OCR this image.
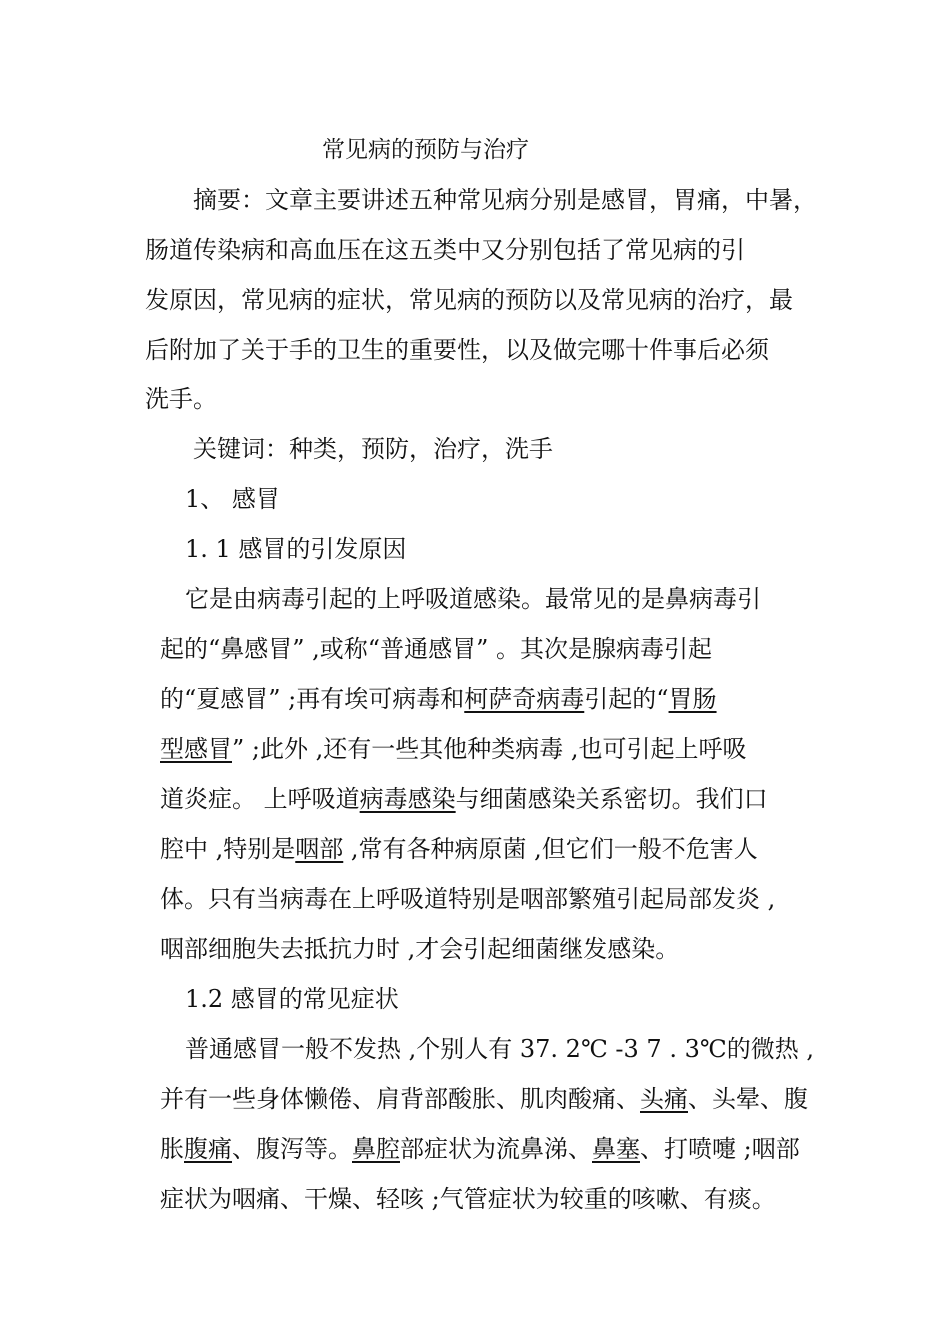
常见病的预防与治疗
摘要：文章主要讲述五种常见病分别是感冒，胃痛，中暑，
肠道传染病和高血压在这五类中又分别包括了常见病的引
发原因，常见病的症状，常见病的预防以及常见病的治疗，最
后附加了关于手的卫生的重要性，以及做完哪十件事后必须
洗手。
关键词：种类，预防，治疗，洗手
1、 感冒
1. 1 感冒的引发原因
它是由病毒引起的上呼吸道感染。最常见的是鼻病毒引
起的“鼻感冒” ,或称“普通感冒” 。其次是腺病毒引起
的“夏感冒” ;再有埃可病毒和柯萨奇病毒引起的“胃肠
型感冒” ;此外 ,还有一些其他种类病毒 ,也可引起上呼吸
道炎症。 上呼吸道病毒感染与细菌感染关系密切。我们口
腔中 ,特别是咽部 ,常有各种病原菌 ,但它们一般不危害人
体。只有当病毒在上呼吸道特别是咽部繁殖引起局部发炎 ,
咽部细胞失去抵抗力时 ,才会引起细菌继发感染。
1.2 感冒的常见症状
普通感冒一般不发热 ,个别人有 37. 2℃ -3 7 . 3℃的微热 ,
并有一些身体懒倦、肩背部酸胀、肌肉酸痛、头痛、头晕、腹
胀腹痛、腹泻等。鼻腔部症状为流鼻涕、鼻塞、打喷嚏 ;咽部
症状为咽痛、干燥、轻咳 ;气管症状为较重的咳嗽、有痰。
